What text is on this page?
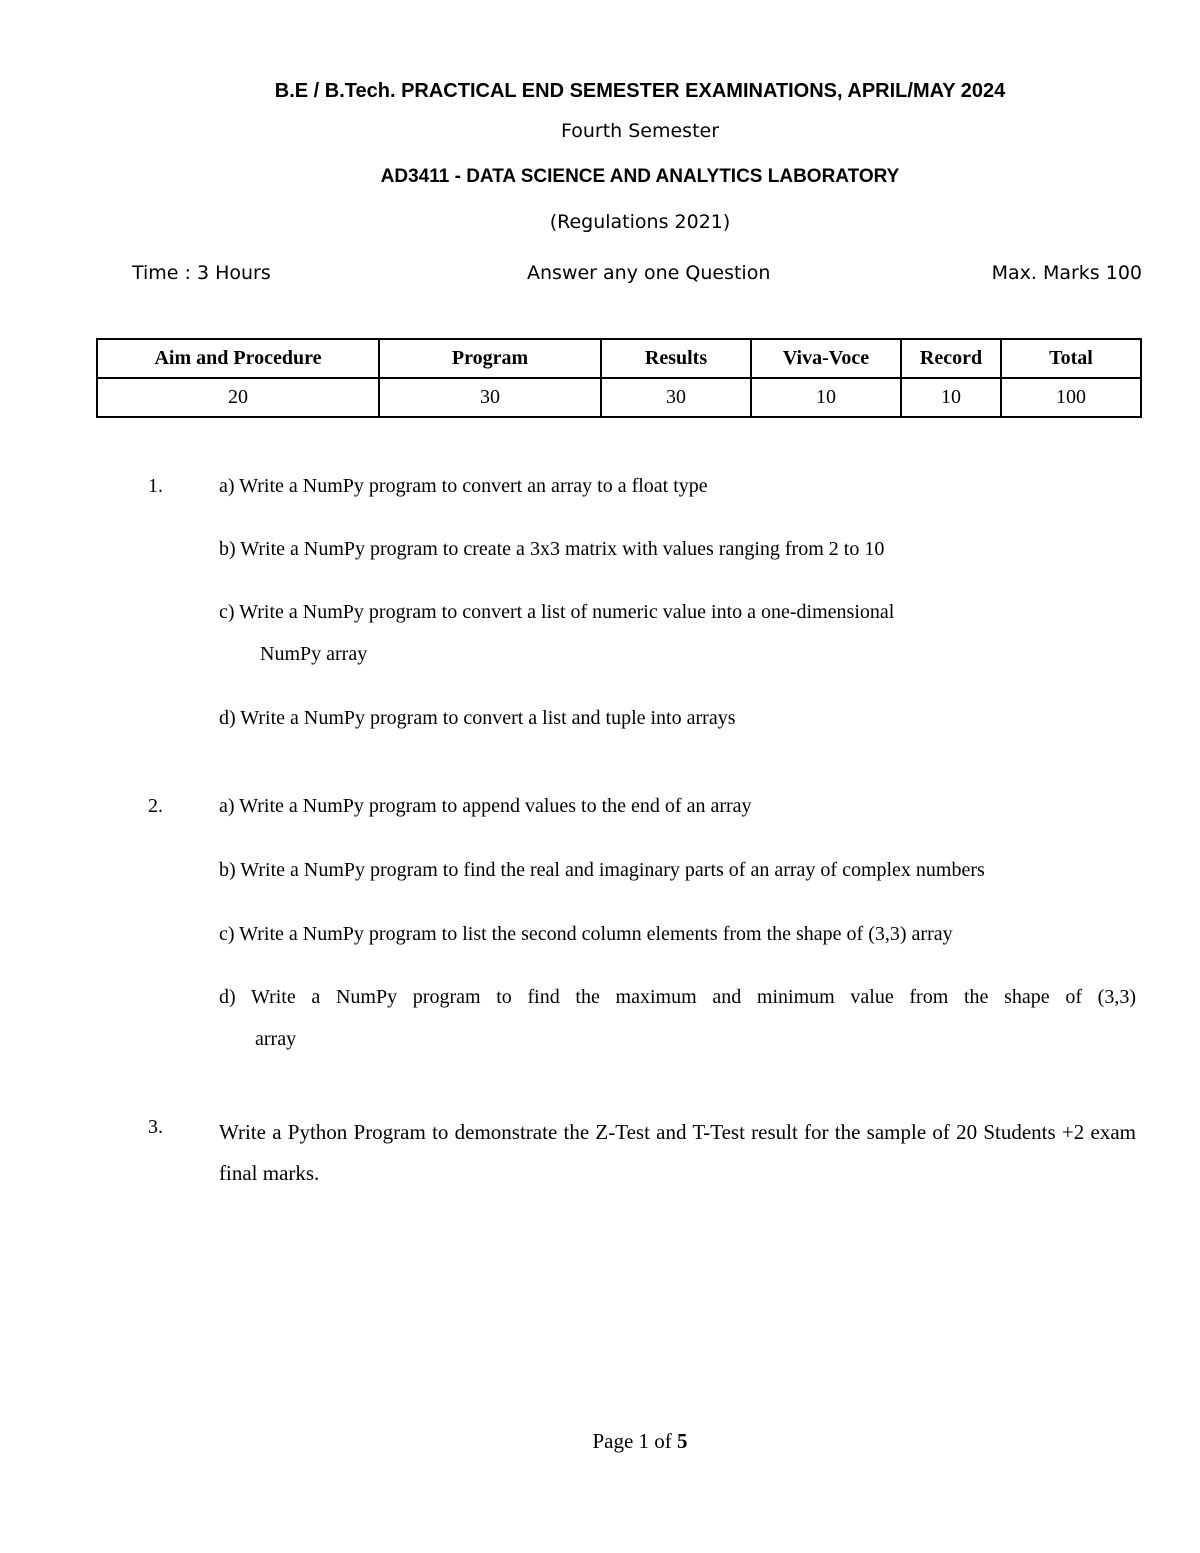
B.E / B.Tech. PRACTICAL END SEMESTER EXAMINATIONS, APRIL/MAY 2024
Fourth Semester
AD3411 - DATA SCIENCE AND ANALYTICS LABORATORY
(Regulations 2021)
Time : 3 Hours	Answer any one Question	Max. Marks 100
Aim and Procedure	Program	Results	Viva-Voce	Record	Total
20	30	30	10	10	100
1.	a) Write a NumPy program to convert an array to a float type
b) Write a NumPy program to create a 3x3 matrix with values ranging from 2 to 10
c) Write a NumPy program to convert a list of numeric value into a one-dimensional
NumPy array
d) Write a NumPy program to convert a list and tuple into arrays
2.	a) Write a NumPy program to append values to the end of an array
b) Write a NumPy program to find the real and imaginary parts of an array of complex numbers
c) Write a NumPy program to list the second column elements from the shape of (3,3) array
d) Write a NumPy program to find the maximum and minimum value from the shape of (3,3)
array
3.	Write a Python Program to demonstrate the Z-Test and T-Test result for the sample of 20 Students +2 exam final marks.
Page 1 of 5
